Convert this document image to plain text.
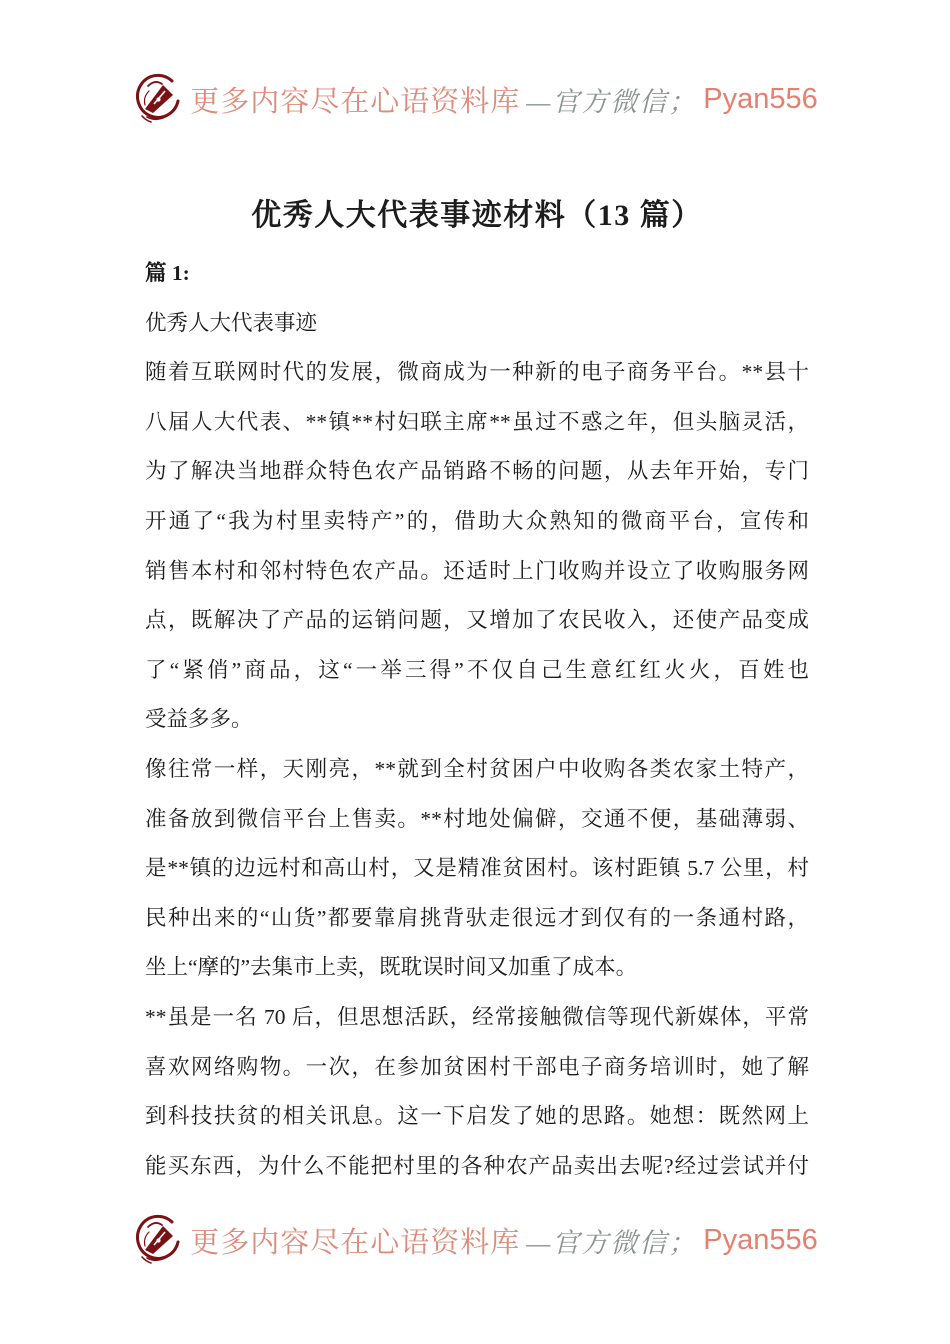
更多内容尽在心语资料库 —官方微信； Pyan556
优秀人大代表事迹材料（13 篇）
篇 1:
优秀人大代表事迹
随着互联网时代的发展，微商成为一种新的电子商务平台。**县十
八届人大代表、**镇**村妇联主席**虽过不惑之年，但头脑灵活，
为了解决当地群众特色农产品销路不畅的问题，从去年开始，专门
开通了“我为村里卖特产”的，借助大众熟知的微商平台，宣传和
销售本村和邻村特色农产品。还适时上门收购并设立了收购服务网
点，既解决了产品的运销问题，又增加了农民收入，还使产品变成
了“紧俏”商品，这“一举三得”不仅自己生意红红火火，百姓也
受益多多。
像往常一样，天刚亮，**就到全村贫困户中收购各类农家土特产，
准备放到微信平台上售卖。**村地处偏僻，交通不便，基础薄弱、
是**镇的边远村和高山村，又是精准贫困村。该村距镇 5.7 公里，村
民种出来的“山货”都要靠肩挑背驮走很远才到仅有的一条通村路，
坐上“摩的”去集市上卖，既耽误时间又加重了成本。
**虽是一名 70 后，但思想活跃，经常接触微信等现代新媒体，平常
喜欢网络购物。一次，在参加贫困村干部电子商务培训时，她了解
到科技扶贫的相关讯息。这一下启发了她的思路。她想：既然网上
能买东西，为什么不能把村里的各种农产品卖出去呢?经过尝试并付
更多内容尽在心语资料库 —官方微信； Pyan556
